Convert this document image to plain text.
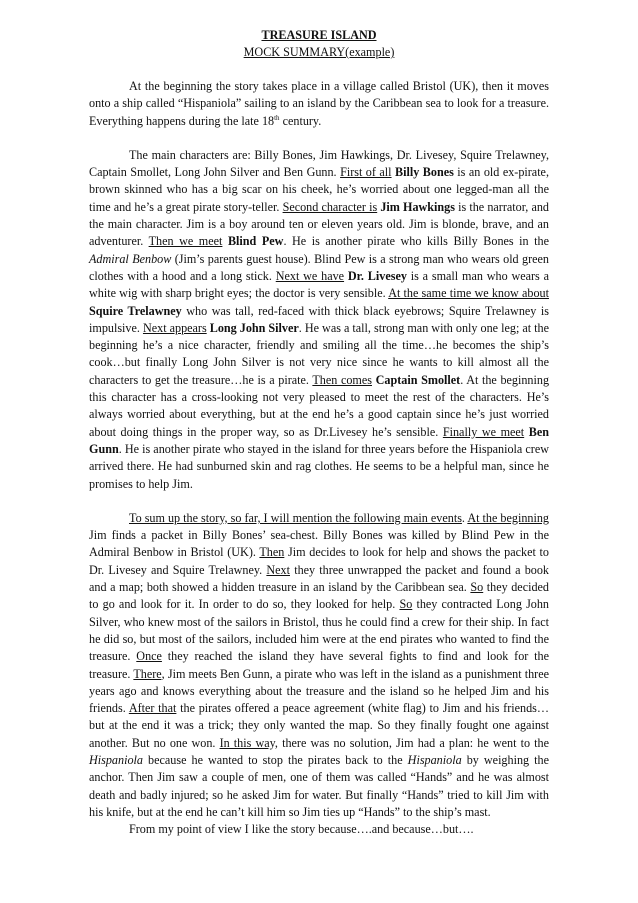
TREASURE ISLAND

MOCK SUMMARY(example)

At the beginning the story takes place in a village called Bristol (UK), then it moves onto a ship called “Hispaniola” sailing to an island by the Caribbean sea to look for a treasure. Everything happens during the late 18th century.

The main characters are: Billy Bones, Jim Hawkings, Dr. Livesey, Squire Trelawney, Captain Smollet, Long John Silver and Ben Gunn. First of all Billy Bones is an old ex-pirate, brown skinned who has a big scar on his cheek, he’s worried about one legged-man all the time and he’s a great pirate story-teller. Second character is Jim Hawkings is the narrator, and the main character. Jim is a boy around ten or eleven years old. Jim is blonde, brave, and an adventurer. Then we meet Blind Pew. He is another pirate who kills Billy Bones in the Admiral Benbow (Jim’s parents guest house). Blind Pew is a strong man who wears old green clothes with a hood and a long stick. Next we have Dr. Livesey is a small man who wears a white wig with sharp bright eyes; the doctor is very sensible. At the same time we know about Squire Trelawney who was tall, red-faced with thick black eyebrows; Squire Trelawney is impulsive. Next appears Long John Silver. He was a tall, strong man with only one leg; at the beginning he’s a nice character, friendly and smiling all the time…he becomes the ship’s cook…but finally Long John Silver is not very nice since he wants to kill almost all the characters to get the treasure…he is a pirate. Then comes Captain Smollet. At the beginning this character has a cross-looking not very pleased to meet the rest of the characters. He’s always worried about everything, but at the end he’s a good captain since he’s just worried about doing things in the proper way, so as Dr.Livesey he’s sensible. Finally we meet Ben Gunn. He is another pirate who stayed in the island for three years before the Hispaniola crew arrived there. He had sunburned skin and rag clothes. He seems to be a helpful man, since he promises to help Jim.

To sum up the story, so far, I will mention the following main events. At the beginning Jim finds a packet in Billy Bones’ sea-chest. Billy Bones was killed by Blind Pew in the Admiral Benbow in Bristol (UK). Then Jim decides to look for help and shows the packet to Dr. Livesey and Squire Trelawney. Next they three unwrapped the packet and found a book and a map; both showed a hidden treasure in an island by the Caribbean sea. So they decided to go and look for it. In order to do so, they looked for help. So they contracted Long John Silver, who knew most of the sailors in Bristol, thus he could find a crew for their ship. In fact he did so, but most of the sailors, included him were at the end pirates who wanted to find the treasure. Once they reached the island they have several fights to find and look for the treasure. There, Jim meets Ben Gunn, a pirate who was left in the island as a punishment three years ago and knows everything about the treasure and the island so he helped Jim and his friends. After that the pirates offered a peace agreement (white flag) to Jim and his friends…but at the end it was a trick; they only wanted the map. So they finally fought one against another. But no one won. In this way, there was no solution, Jim had a plan: he went to the Hispaniola because he wanted to stop the pirates back to the Hispaniola by weighing the anchor. Then Jim saw a couple of men, one of them was called “Hands” and he was almost death and badly injured; so he asked Jim for water. But finally “Hands” tried to kill Jim with his knife, but at the end he can’t kill him so Jim ties up “Hands” to the ship’s mast.

From my point of view I like the story because….and because…but….
